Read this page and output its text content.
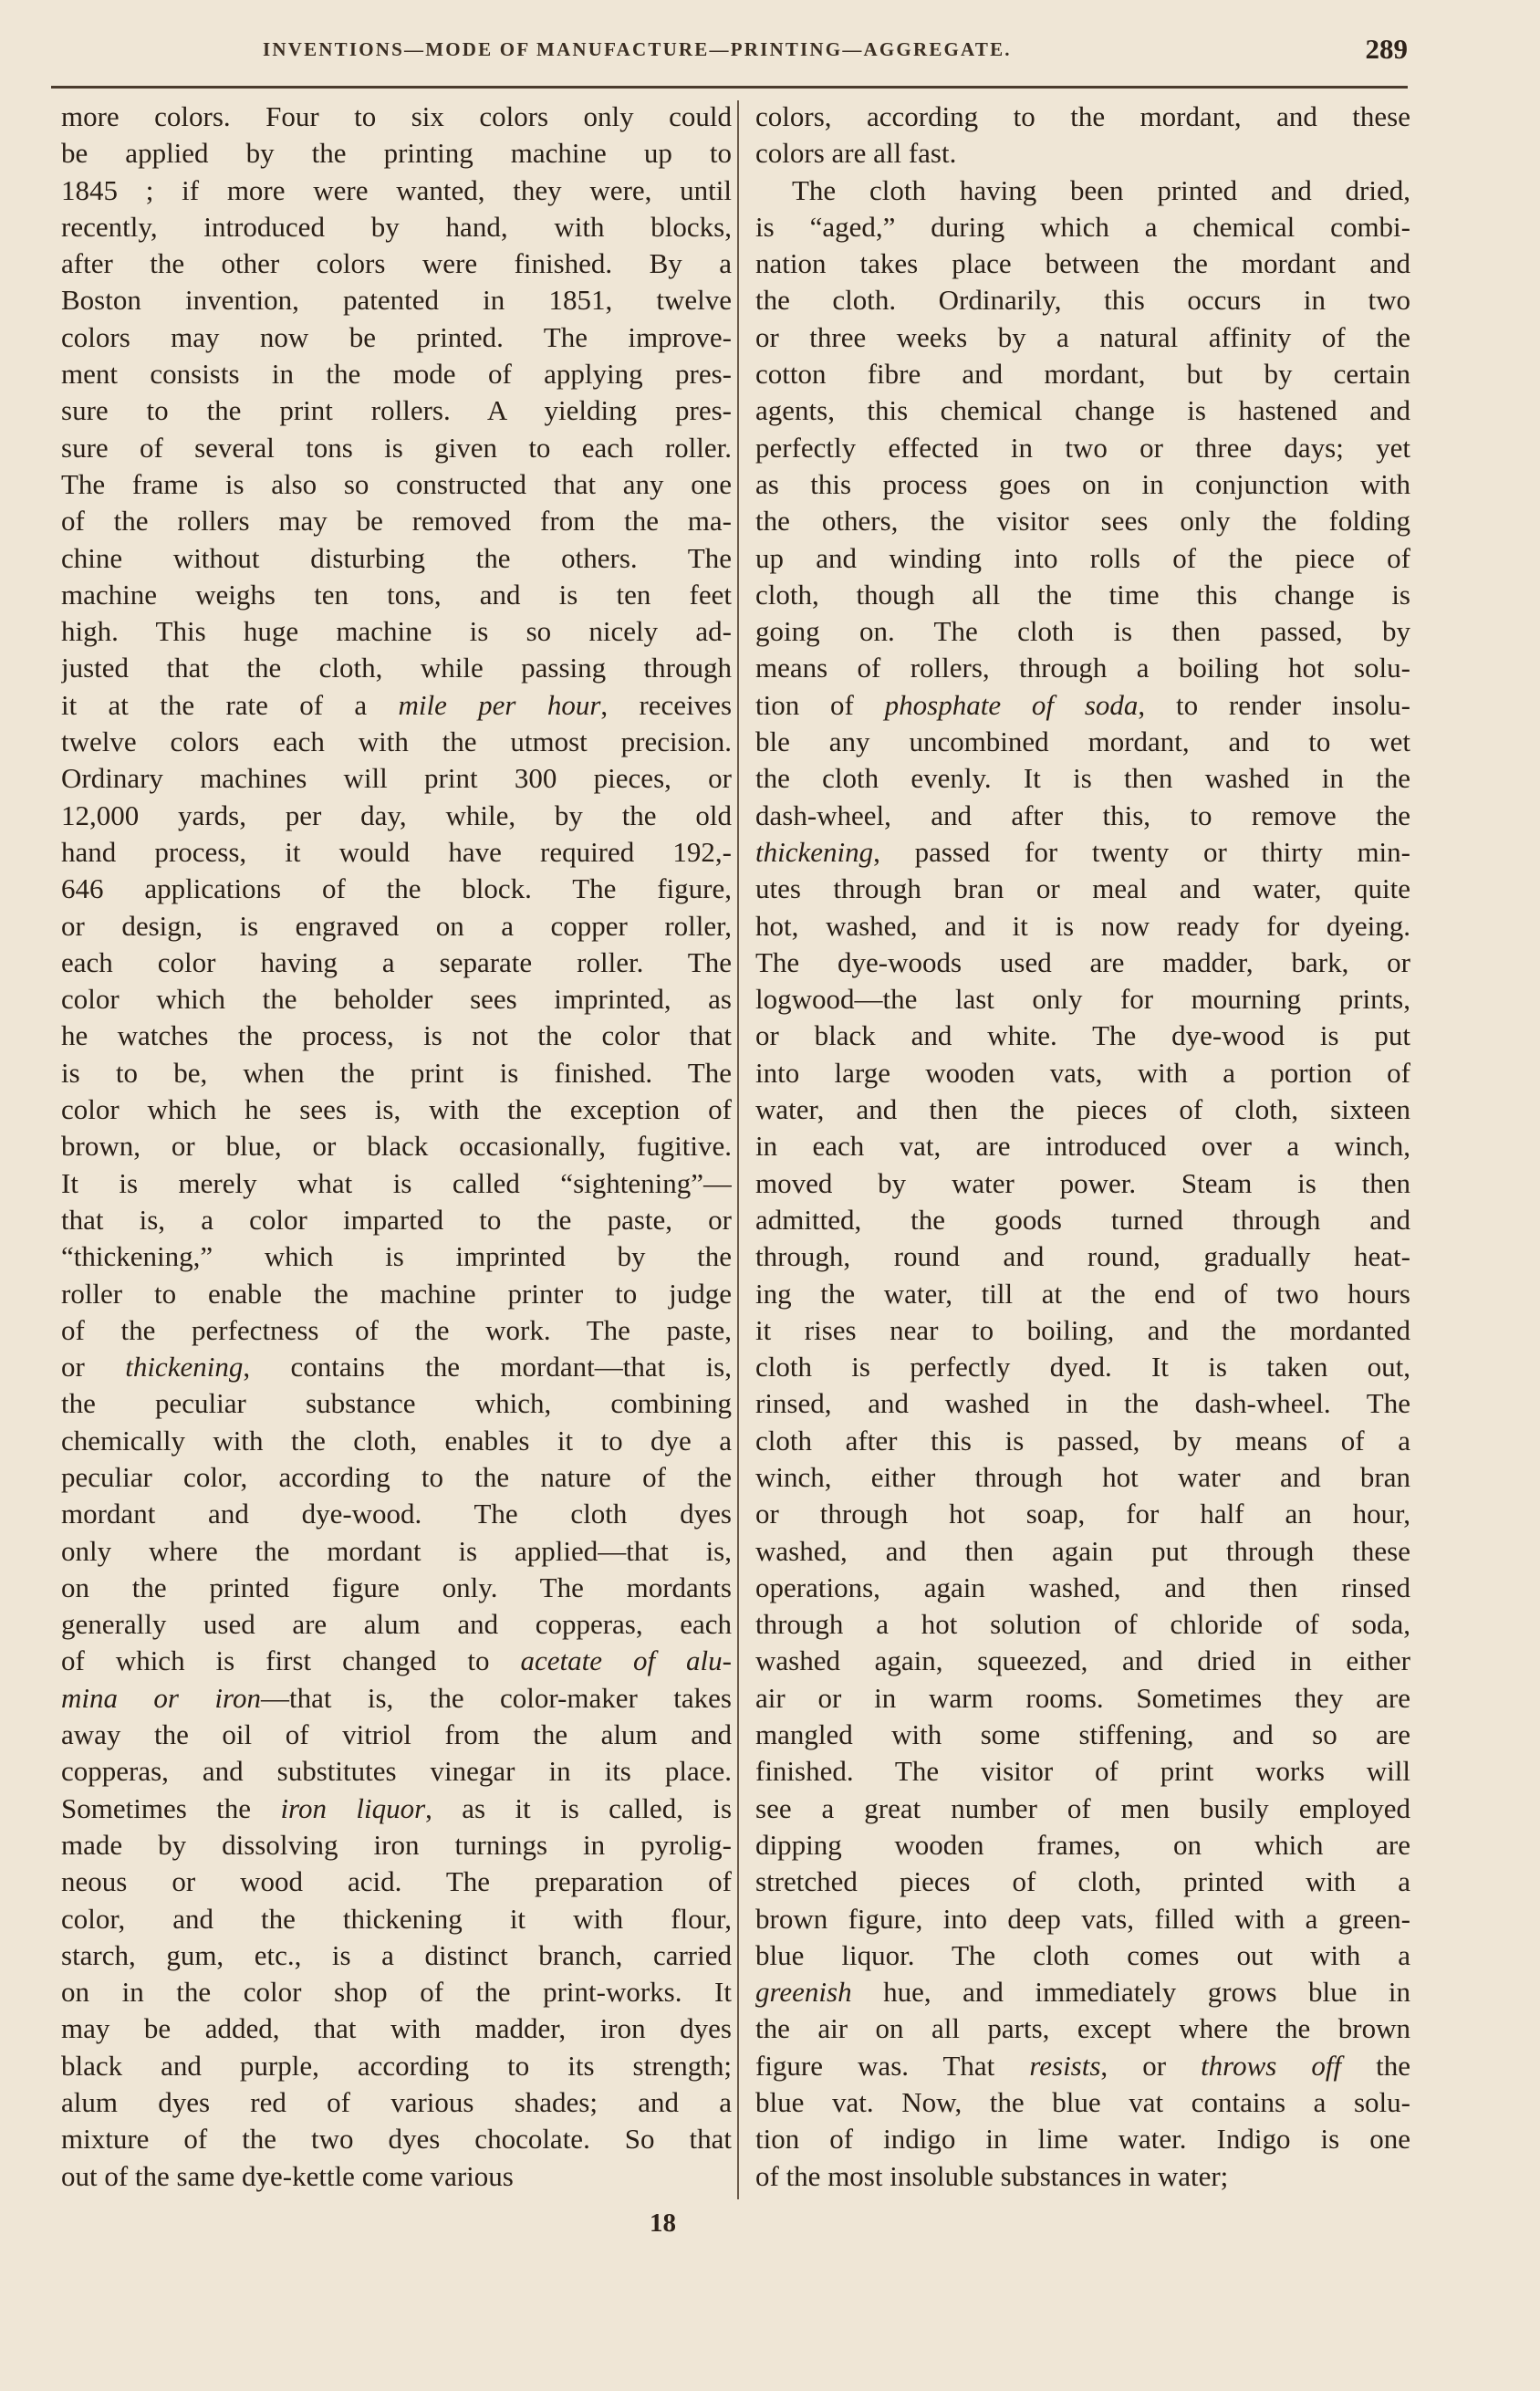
INVENTIONS—MODE OF MANUFACTURE—PRINTING—AGGREGATE.	289
more colors. Four to six colors only could
be applied by the printing machine up to
1845 ; if more were wanted, they were, until
recently, introduced by hand, with blocks,
after the other colors were finished. By a
Boston invention, patented in 1851, twelve
colors may now be printed. The improve-
ment consists in the mode of applying pres-
sure to the print rollers. A yielding pres-
sure of several tons is given to each roller.
The frame is also so constructed that any one
of the rollers may be removed from the ma-
chine without disturbing the others. The
machine weighs ten tons, and is ten feet
high. This huge machine is so nicely ad-
justed that the cloth, while passing through
it at the rate of a mile per hour, receives
twelve colors each with the utmost precision.
Ordinary machines will print 300 pieces, or
12,000 yards, per day, while, by the old
hand process, it would have required 192,-
646 applications of the block. The figure,
or design, is engraved on a copper roller,
each color having a separate roller. The
color which the beholder sees imprinted, as
he watches the process, is not the color that
is to be, when the print is finished. The
color which he sees is, with the exception of
brown, or blue, or black occasionally, fugitive.
It is merely what is called “sightening”—
that is, a color imparted to the paste, or
“thickening,” which is imprinted by the
roller to enable the machine printer to judge
of the perfectness of the work. The paste,
or thickening, contains the mordant—that is,
the peculiar substance which, combining
chemically with the cloth, enables it to dye a
peculiar color, according to the nature of the
mordant and dye-wood. The cloth dyes
only where the mordant is applied—that is,
on the printed figure only. The mordants
generally used are alum and copperas, each
of which is first changed to acetate of alu-
mina or iron—that is, the color-maker takes
away the oil of vitriol from the alum and
copperas, and substitutes vinegar in its place.
Sometimes the iron liquor, as it is called, is
made by dissolving iron turnings in pyrolig-
neous or wood acid. The preparation of
color, and the thickening it with flour,
starch, gum, etc., is a distinct branch, carried
on in the color shop of the print-works. It
may be added, that with madder, iron dyes
black and purple, according to its strength;
alum dyes red of various shades; and a
mixture of the two dyes chocolate. So that
out of the same dye-kettle come various
colors, according to the mordant, and these
colors are all fast.
The cloth having been printed and dried,
is “aged,” during which a chemical combi-
nation takes place between the mordant and
the cloth. Ordinarily, this occurs in two
or three weeks by a natural affinity of the
cotton fibre and mordant, but by certain
agents, this chemical change is hastened and
perfectly effected in two or three days; yet
as this process goes on in conjunction with
the others, the visitor sees only the folding
up and winding into rolls of the piece of
cloth, though all the time this change is
going on. The cloth is then passed, by
means of rollers, through a boiling hot solu-
tion of phosphate of soda, to render insolu-
ble any uncombined mordant, and to wet
the cloth evenly. It is then washed in the
dash-wheel, and after this, to remove the
thickening, passed for twenty or thirty min-
utes through bran or meal and water, quite
hot, washed, and it is now ready for dyeing.
The dye-woods used are madder, bark, or
logwood—the last only for mourning prints,
or black and white. The dye-wood is put
into large wooden vats, with a portion of
water, and then the pieces of cloth, sixteen
in each vat, are introduced over a winch,
moved by water power. Steam is then
admitted, the goods turned through and
through, round and round, gradually heat-
ing the water, till at the end of two hours
it rises near to boiling, and the mordanted
cloth is perfectly dyed. It is taken out,
rinsed, and washed in the dash-wheel. The
cloth after this is passed, by means of a
winch, either through hot water and bran
or through hot soap, for half an hour,
washed, and then again put through these
operations, again washed, and then rinsed
through a hot solution of chloride of soda,
washed again, squeezed, and dried in either
air or in warm rooms. Sometimes they are
mangled with some stiffening, and so are
finished. The visitor of print works will
see a great number of men busily employed
dipping wooden frames, on which are
stretched pieces of cloth, printed with a
brown figure, into deep vats, filled with a green-
blue liquor. The cloth comes out with a
greenish hue, and immediately grows blue in
the air on all parts, except where the brown
figure was. That resists, or throws off the
blue vat. Now, the blue vat contains a solu-
tion of indigo in lime water. Indigo is one
of the most insoluble substances in water;
18
